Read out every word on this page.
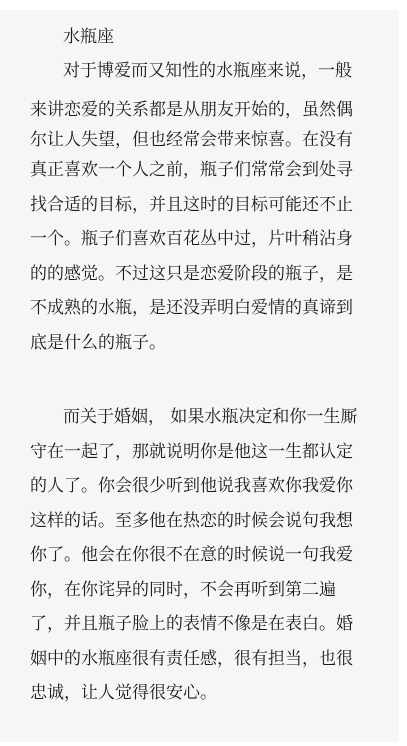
水瓶座
对于博爱而又知性的水瓶座来说，一般
来讲恋爱的关系都是从朋友开始的，虽然偶
尔让人失望，但也经常会带来惊喜。在没有
真正喜欢一个人之前，瓶子们常常会到处寻
找合适的目标，并且这时的目标可能还不止
一个。瓶子们喜欢百花丛中过，片叶稍沾身
的的感觉。不过这只是恋爱阶段的瓶子，是
不成熟的水瓶，是还没弄明白爱情的真谛到
底是什么的瓶子。
而关于婚姻， 如果水瓶决定和你一生厮
守在一起了，那就说明你是他这一生都认定
的人了。你会很少听到他说我喜欢你我爱你
这样的话。至多他在热恋的时候会说句我想
你了。他会在你很不在意的时候说一句我爱
你，在你诧异的同时，不会再听到第二遍
了，并且瓶子脸上的表情不像是在表白。婚
姻中的水瓶座很有责任感，很有担当，也很
忠诚，让人觉得很安心。
